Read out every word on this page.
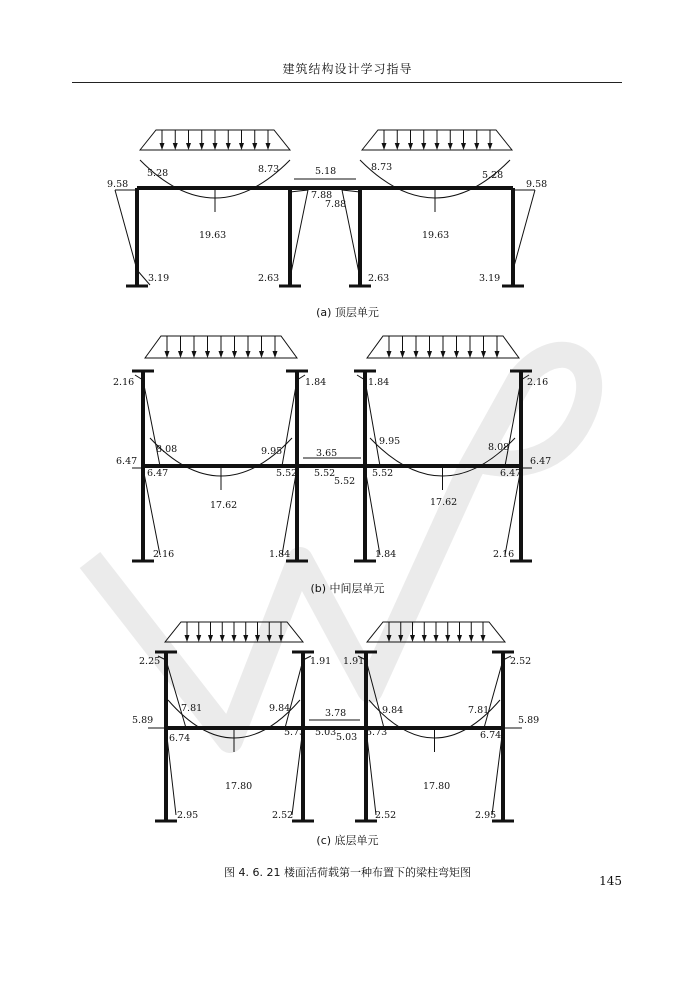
建筑结构设计学习指导
9.58
5.28	8.73	5.18
7.88
7.88
8.73
5.28
9.58
19.63	19.63
3.19	2.63	2.63	3.19
2.16	1.84	1.84	2.16
8.08	9.95	3.65
9.95
8.08
6.47
6.47	5.52 5.52
5.52
5.52	6.47
6.47
17.62	17.62
2.16	1.84	1.84	2.16
2.25	1.91 1.91	2.52
7.81	9.84	3.78	9.84	7.81
5.89
6.74
5.73 5.03 5.03 5.73	6.74
5.89
17.80	17.80
2.95	2.52	2.52	2.95
(a) 顶层单元
(b) 中间层单元
(c) 底层单元
图 4. 6. 21 楼面活荷载第一种布置下的梁柱弯矩图
145
